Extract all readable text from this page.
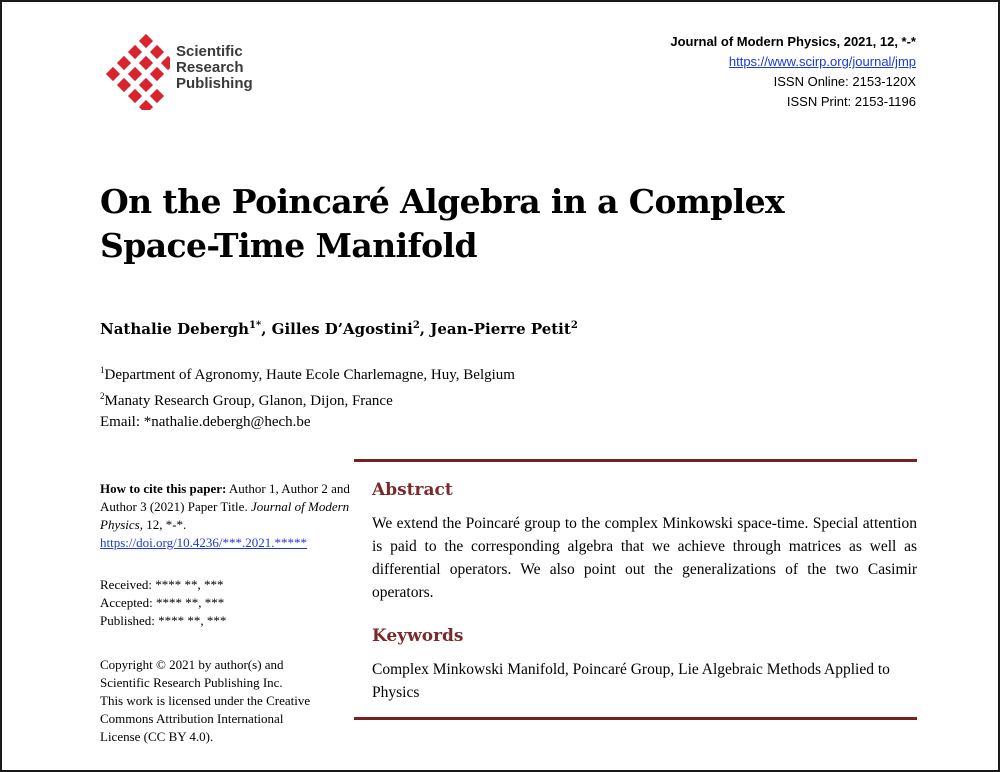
Scientific
Research
Publishing
Journal of Modern Physics, 2021, 12, *-*
https://www.scirp.org/journal/jmp
ISSN Online: 2153-120X
ISSN Print: 2153-1196
On the Poincaré Algebra in a Complex
Space-Time Manifold
Nathalie Debergh$^{1*}$, Gilles D’Agostini$^2$, Jean-Pierre Petit$^2$
$^1$Department of Agronomy, Haute Ecole Charlemagne, Huy, Belgium
$^2$Manaty Research Group, Glanon, Dijon, France
Email: *nathalie.debergh@hech.be
How to cite this paper: Author 1, Author 2 and Author 3 (2021) Paper Title. Journal of Modern Physics, 12, *-*.
https://doi.org/10.4236/***.2021.*****
Received: **** **, ***
Accepted: **** **, ***
Published: **** **, ***
Copyright © 2021 by author(s) and
Scientific Research Publishing Inc.
This work is licensed under the Creative
Commons Attribution International
License (CC BY 4.0).
Abstract
We extend the Poincaré group to the complex Minkowski space-time. Special attention is paid to the corresponding algebra that we achieve through matrices as well as differential operators. We also point out the generalizations of the two Casimir operators.
Keywords
Complex Minkowski Manifold, Poincaré Group, Lie Algebraic Methods Applied to Physics
